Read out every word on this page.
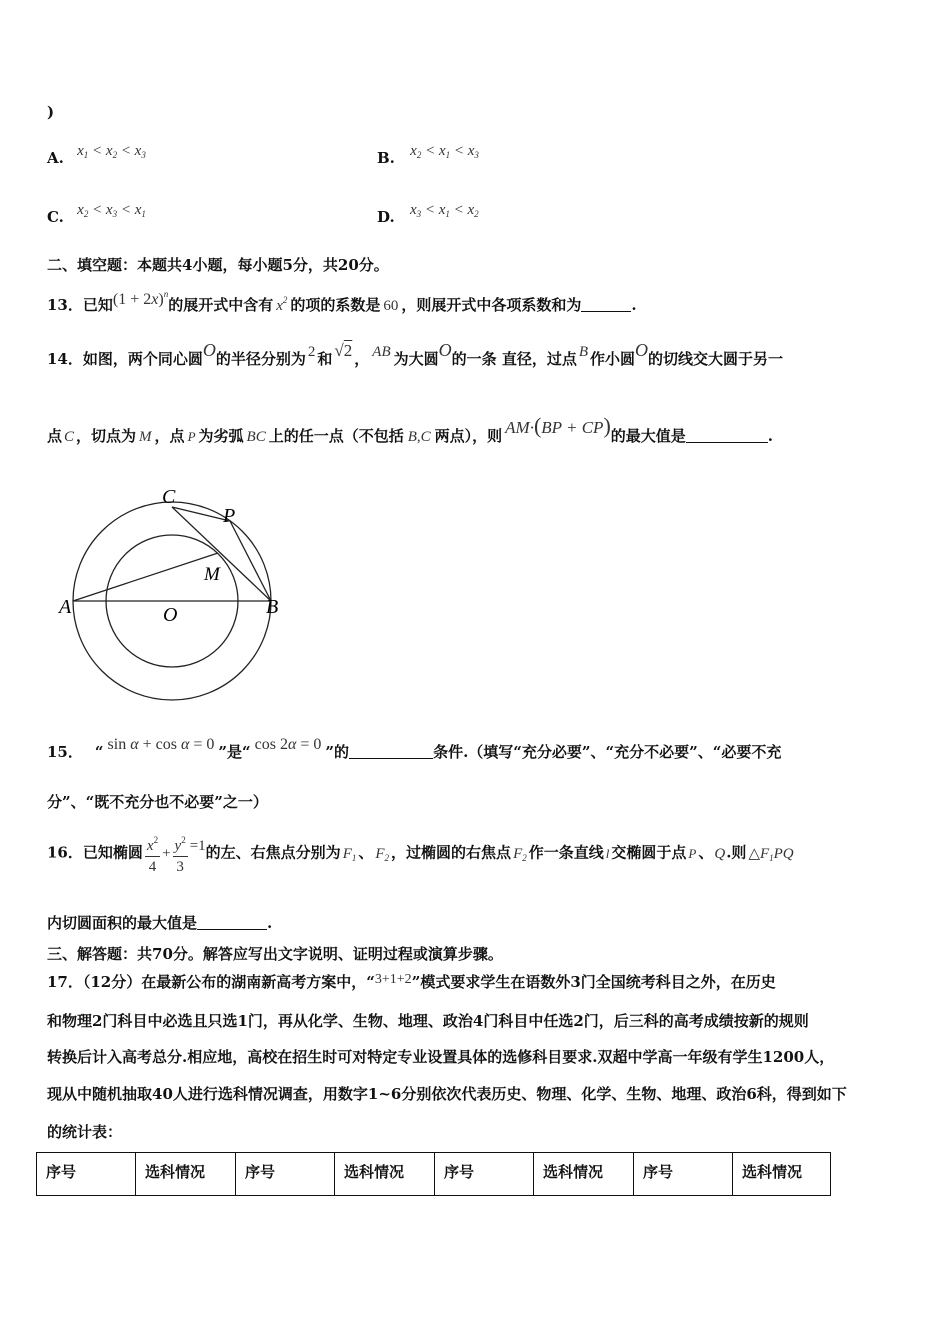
)
A. $x_1 < x_2 < x_3$	B. $x_2 < x_1 < x_3$
C. $x_2 < x_3 < x_1$	D. $x_3 < x_1 < x_2$
二、填空题：本题共4小题，每小题5分，共20分。
13．已知$(1 + 2x)^n$的展开式中含有 $x^2$ 的项的系数是 60 ，则展开式中各项系数和为	.
14．如图，两个同心圆O的半径分别为 2 和 √2 ， AB 为大圆O的一条 直径，过点 B 作小圆O的切线交大圆于另一
点 C ，切点为 M ，点 P 为劣弧 BC 上的任一点（不包括 B,C 两点），则 AM·(BP + CP)的最大值是	.
C
P
M
A	B
O
15． “ sin α + cos α = 0 ”是“ cos 2α = 0 ”的	条件.（填写“充分必要”、“充分不必要”、“必要不充
分”、“既不充分也不必要”之一）
16．已知椭圆 $\frac{x^2}{4} + \frac{y^2}{3} =1$的左、右焦点分别为 $F_1$ 、 $F_2$ ，过椭圆的右焦点 $F_2$ 作一条直线 l 交椭圆于点 P 、Q.则 $\triangle F_1PQ$
内切圆面积的最大值是	.
三、解答题：共70分。解答应写出文字说明、证明过程或演算步骤。
17．（12分）在最新公布的湖南新高考方案中，“3+1+2”模式要求学生在语数外3门全国统考科目之外，在历史
和物理2门科目中必选且只选1门，再从化学、生物、地理、政治4门科目中任选2门，后三科的高考成绩按新的规则
转换后计入高考总分.相应地，高校在招生时可对特定专业设置具体的选修科目要求.双超中学高一年级有学生1200人，
现从中随机抽取40人进行选科情况调查，用数字1~6分别依次代表历史、物理、化学、生物、地理、政治6科，得到如下
的统计表：
序号	选科情况	序号	选科情况	序号	选科情况	序号	选科情况
